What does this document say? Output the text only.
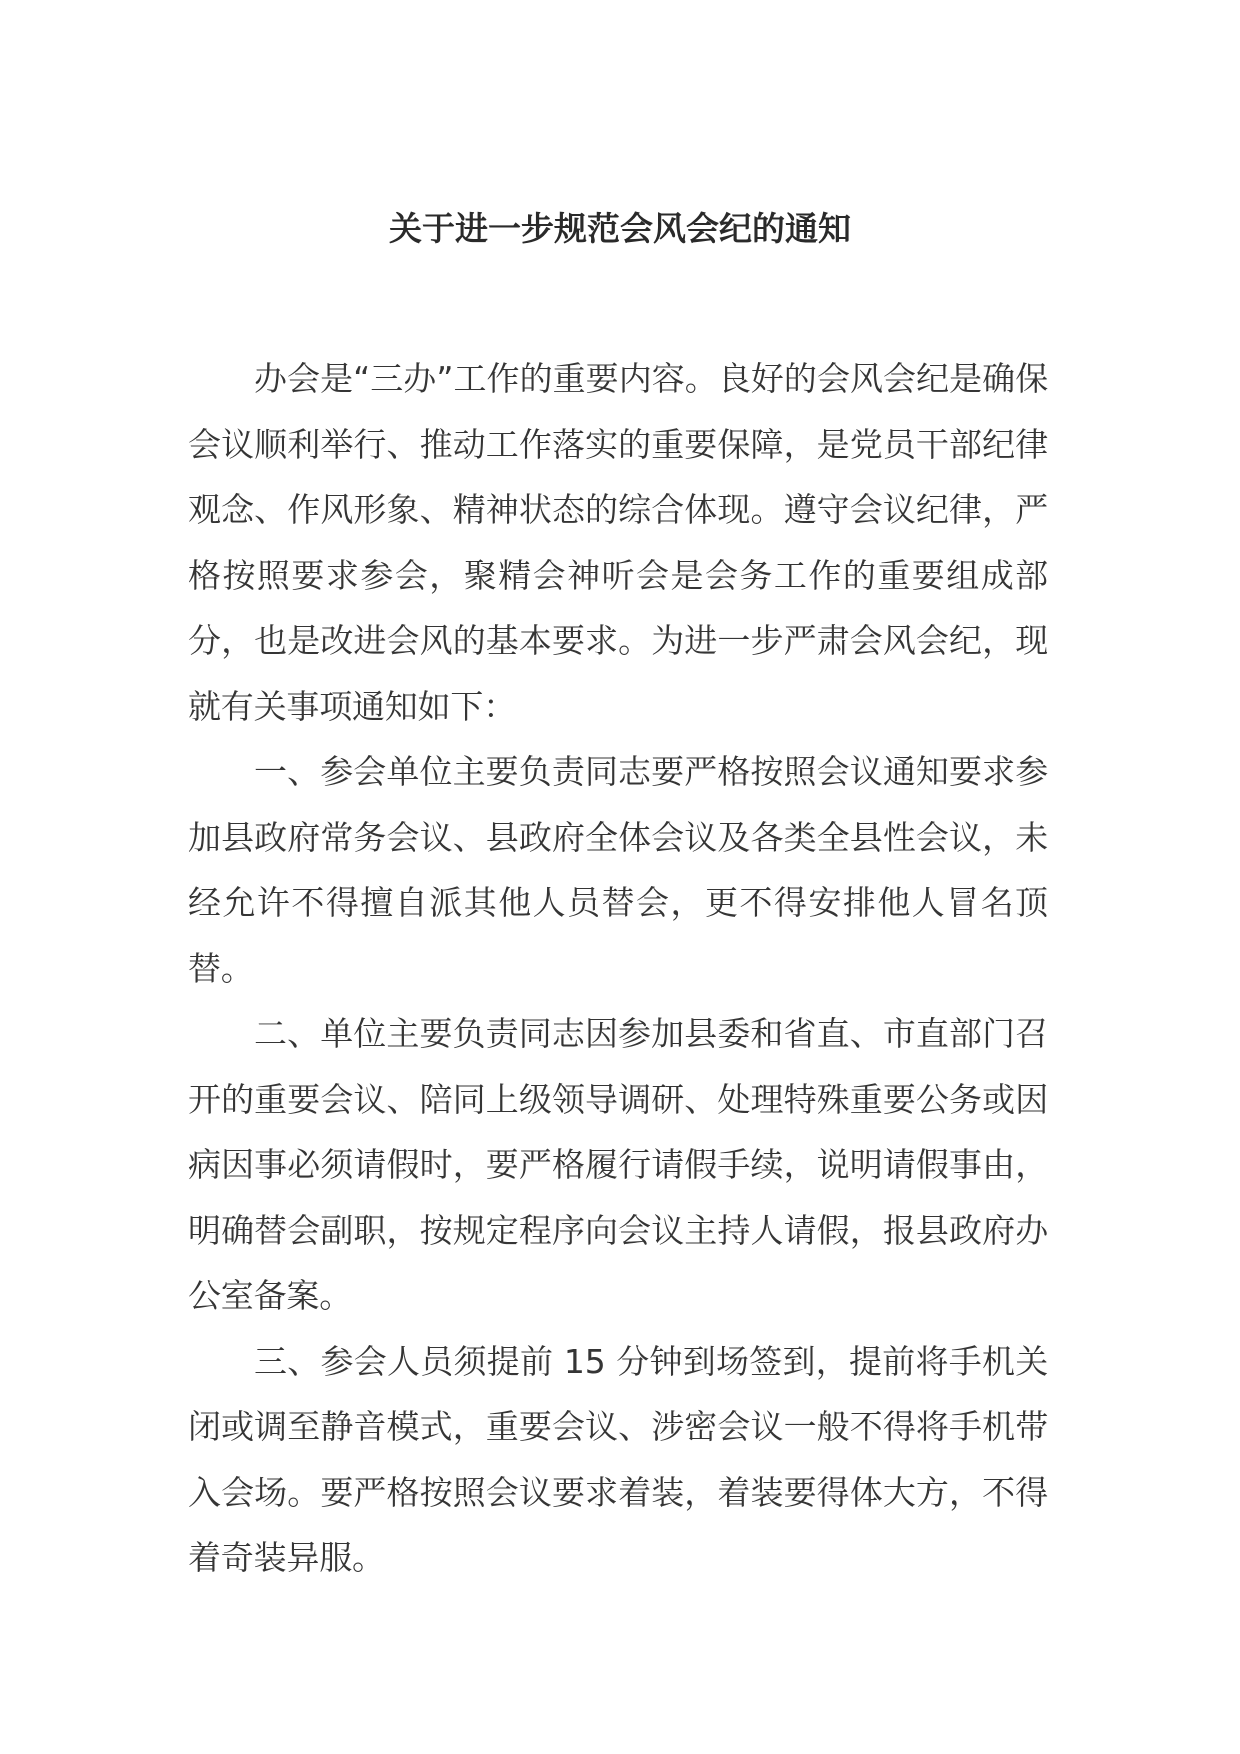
关于进一步规范会风会纪的通知

办会是“三办”工作的重要内容。良好的会风会纪是确保会议顺利举行、推动工作落实的重要保障，是党员干部纪律观念、作风形象、精神状态的综合体现。遵守会议纪律，严格按照要求参会，聚精会神听会是会务工作的重要组成部分，也是改进会风的基本要求。为进一步严肃会风会纪，现就有关事项通知如下：

一、参会单位主要负责同志要严格按照会议通知要求参加县政府常务会议、县政府全体会议及各类全县性会议，未经允许不得擅自派其他人员替会，更不得安排他人冒名顶替。

二、单位主要负责同志因参加县委和省直、市直部门召开的重要会议、陪同上级领导调研、处理特殊重要公务或因病因事必须请假时，要严格履行请假手续，说明请假事由，明确替会副职，按规定程序向会议主持人请假，报县政府办公室备案。

三、参会人员须提前 15 分钟到场签到，提前将手机关闭或调至静音模式，重要会议、涉密会议一般不得将手机带入会场。要严格按照会议要求着装，着装要得体大方，不得着奇装异服。
